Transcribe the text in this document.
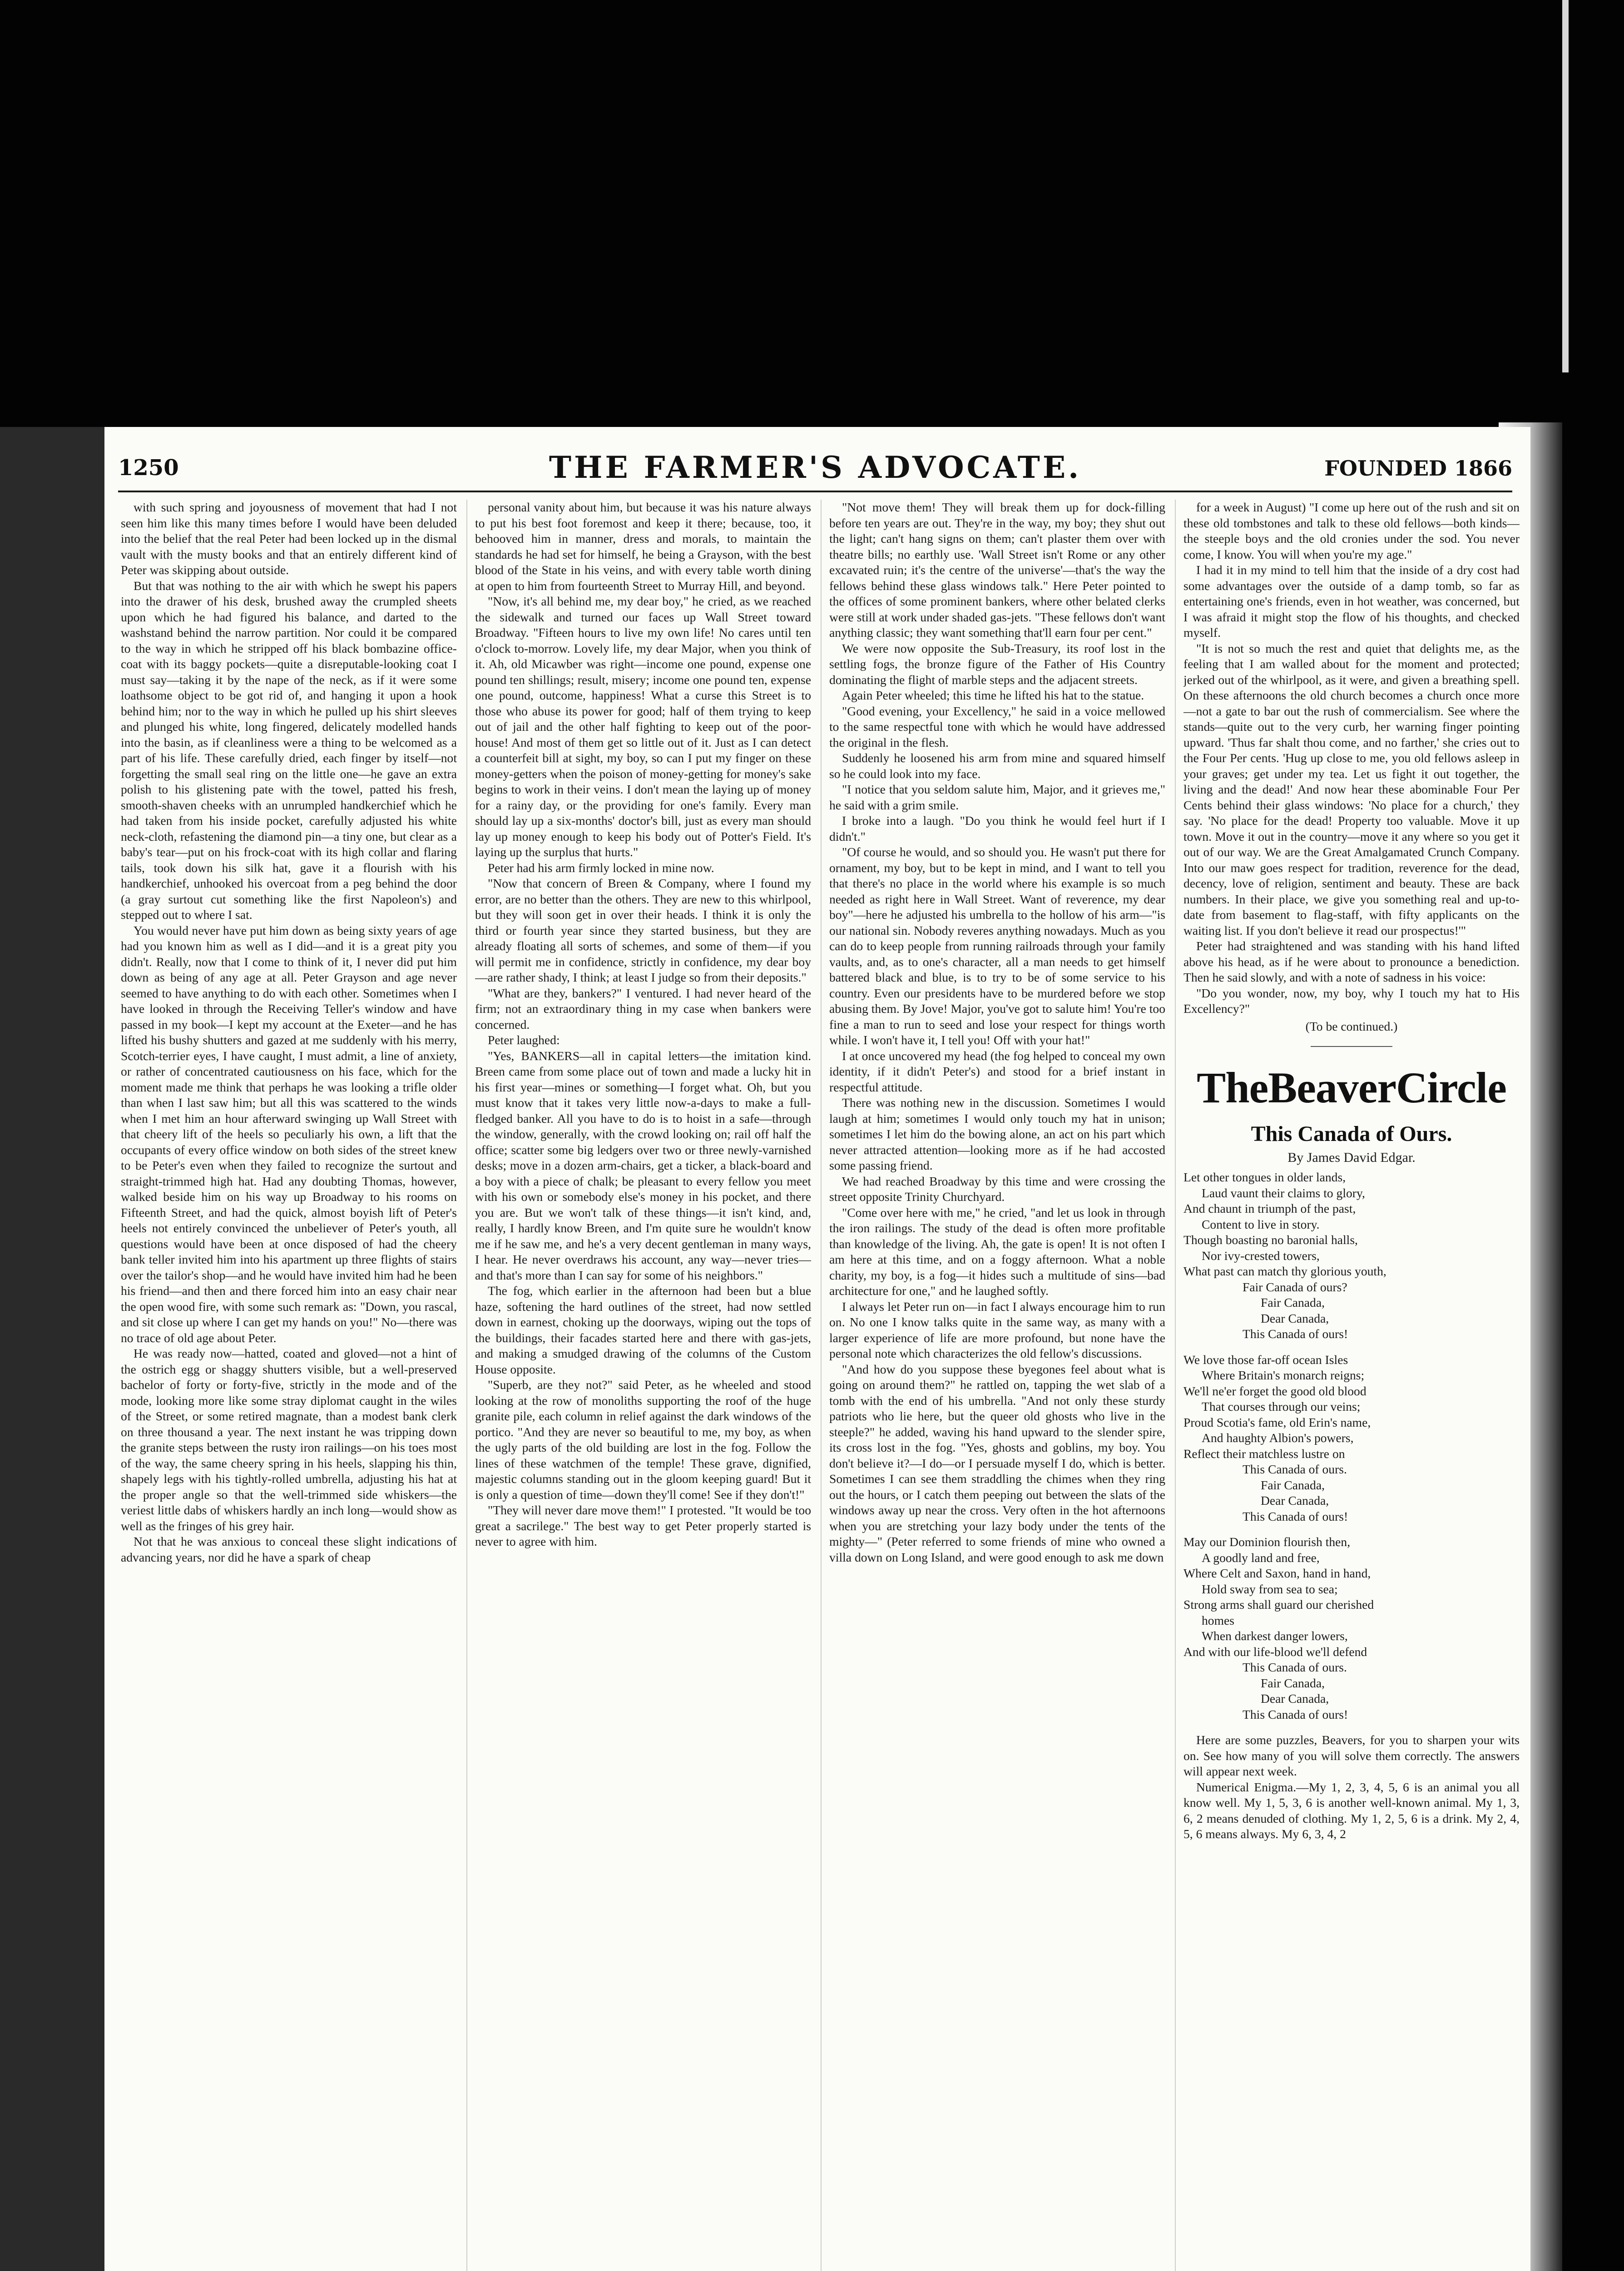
1250	THE FARMER'S ADVOCATE.	FOUNDED 1866

with such spring and joyousness of movement that had I not seen him like this many times before I would have been deluded into the belief that the real Peter had been locked up in the dismal vault with the musty books and that an entirely different kind of Peter was skipping about outside.

But that was nothing to the air with which he swept his papers into the drawer of his desk, brushed away the crumpled sheets upon which he had figured his balance, and darted to the washstand behind the narrow partition. Nor could it be compared to the way in which he stripped off his black bombazine office-coat with its baggy pockets—quite a disreputable-looking coat I must say—taking it by the nape of the neck, as if it were some loathsome object to be got rid of, and hanging it upon a hook behind him; nor to the way in which he pulled up his shirt sleeves and plunged his white, long fingered, delicately modelled hands into the basin, as if cleanliness were a thing to be welcomed as a part of his life. These carefully dried, each finger by itself—not forgetting the small seal ring on the little one—he gave an extra polish to his glistening pate with the towel, patted his fresh, smooth-shaven cheeks with an unrumpled handkerchief which he had taken from his inside pocket, carefully adjusted his white neck-cloth, refastening the diamond pin—a tiny one, but clear as a baby's tear—put on his frock-coat with its high collar and flaring tails, took down his silk hat, gave it a flourish with his handkerchief, unhooked his overcoat from a peg behind the door (a gray surtout cut something like the first Napoleon's) and stepped out to where I sat.

You would never have put him down as being sixty years of age had you known him as well as I did—and it is a great pity you didn't. Really, now that I come to think of it, I never did put him down as being of any age at all. Peter Grayson and age never seemed to have anything to do with each other. Sometimes when I have looked in through the Receiving Teller's window and have passed in my book—I kept my account at the Exeter—and he has lifted his bushy shutters and gazed at me suddenly with his merry, Scotch-terrier eyes, I have caught, I must admit, a line of anxiety, or rather of concentrated cautiousness on his face, which for the moment made me think that perhaps he was looking a trifle older than when I last saw him; but all this was scattered to the winds when I met him an hour afterward swinging up Wall Street with that cheery lift of the heels so peculiarly his own, a lift that the occupants of every office window on both sides of the street knew to be Peter's even when they failed to recognize the surtout and straight-trimmed high hat. Had any doubting Thomas, however, walked beside him on his way up Broadway to his rooms on Fifteenth Street, and had the quick, almost boyish lift of Peter's heels not entirely convinced the unbeliever of Peter's youth, all questions would have been at once disposed of had the cheery bank teller invited him into his apartment up three flights of stairs over the tailor's shop—and he would have invited him had he been his friend—and then and there forced him into an easy chair near the open wood fire, with some such remark as: "Down, you rascal, and sit close up where I can get my hands on you!" No—there was no trace of old age about Peter.

He was ready now—hatted, coated and gloved—not a hint of the ostrich egg or shaggy shutters visible, but a well-preserved bachelor of forty or forty-five, strictly in the mode and of the mode, looking more like some stray diplomat caught in the wiles of the Street, or some retired magnate, than a modest bank clerk on three thousand a year. The next instant he was tripping down the granite steps between the rusty iron railings—on his toes most of the way, the same cheery spring in his heels, slapping his thin, shapely legs with his tightly-rolled umbrella, adjusting his hat at the proper angle so that the well-trimmed side whiskers—the veriest little dabs of whiskers hardly an inch long—would show as well as the fringes of his grey hair.

Not that he was anxious to conceal these slight indications of advancing years, nor did he have a spark of cheap

personal vanity about him, but because it was his nature always to put his best foot foremost and keep it there; because, too, it behooved him in manner, dress and morals, to maintain the standards he had set for himself, he being a Grayson, with the best blood of the State in his veins, and with every table worth dining at open to him from fourteenth Street to Murray Hill, and beyond.

"Now, it's all behind me, my dear boy," he cried, as we reached the sidewalk and turned our faces up Wall Street toward Broadway. "Fifteen hours to live my own life! No cares until ten o'clock to-morrow. Lovely life, my dear Major, when you think of it. Ah, old Micawber was right—income one pound, expense one pound ten shillings; result, misery; income one pound ten, expense one pound, outcome, happiness! What a curse this Street is to those who abuse its power for good; half of them trying to keep out of jail and the other half fighting to keep out of the poor-house! And most of them get so little out of it. Just as I can detect a counterfeit bill at sight, my boy, so can I put my finger on these money-getters when the poison of money-getting for money's sake begins to work in their veins. I don't mean the laying up of money for a rainy day, or the providing for one's family. Every man should lay up a six-months' doctor's bill, just as every man should lay up money enough to keep his body out of Potter's Field. It's laying up the surplus that hurts."

Peter had his arm firmly locked in mine now.

"Now that concern of Breen & Company, where I found my error, are no better than the others. They are new to this whirlpool, but they will soon get in over their heads. I think it is only the third or fourth year since they started business, but they are already floating all sorts of schemes, and some of them—if you will permit me in confidence, strictly in confidence, my dear boy—are rather shady, I think; at least I judge so from their deposits."

"What are they, bankers?" I ventured. I had never heard of the firm; not an extraordinary thing in my case when bankers were concerned.

Peter laughed:

"Yes, BANKERS—all in capital letters—the imitation kind. Breen came from some place out of town and made a lucky hit in his first year—mines or something—I forget what. Oh, but you must know that it takes very little now-a-days to make a full-fledged banker. All you have to do is to hoist in a safe—through the window, generally, with the crowd looking on; rail off half the office; scatter some big ledgers over two or three newly-varnished desks; move in a dozen arm-chairs, get a ticker, a black-board and a boy with a piece of chalk; be pleasant to every fellow you meet with his own or somebody else's money in his pocket, and there you are. But we won't talk of these things—it isn't kind, and, really, I hardly know Breen, and I'm quite sure he wouldn't know me if he saw me, and he's a very decent gentleman in many ways, I hear. He never overdraws his account, any way—never tries—and that's more than I can say for some of his neighbors."

The fog, which earlier in the afternoon had been but a blue haze, softening the hard outlines of the street, had now settled down in earnest, choking up the doorways, wiping out the tops of the buildings, their facades started here and there with gas-jets, and making a smudged drawing of the columns of the Custom House opposite.

"Superb, are they not?" said Peter, as he wheeled and stood looking at the row of monoliths supporting the roof of the huge granite pile, each column in relief against the dark windows of the portico. "And they are never so beautiful to me, my boy, as when the ugly parts of the old building are lost in the fog. Follow the lines of these watchmen of the temple! These grave, dignified, majestic columns standing out in the gloom keeping guard! But it is only a question of time—down they'll come! See if they don't!"

"They will never dare move them!" I protested. "It would be too great a sacrilege." The best way to get Peter properly started is never to agree with him.

"Not move them! They will break them up for dock-filling before ten years are out. They're in the way, my boy; they shut out the light; can't hang signs on them; can't plaster them over with theatre bills; no earthly use. 'Wall Street isn't Rome or any other excavated ruin; it's the centre of the universe'—that's the way the fellows behind these glass windows talk." Here Peter pointed to the offices of some prominent bankers, where other belated clerks were still at work under shaded gas-jets. "These fellows don't want anything classic; they want something that'll earn four per cent."

We were now opposite the Sub-Treasury, its roof lost in the settling fogs, the bronze figure of the Father of His Country dominating the flight of marble steps and the adjacent streets.

Again Peter wheeled; this time he lifted his hat to the statue.

"Good evening, your Excellency," he said in a voice mellowed to the same respectful tone with which he would have addressed the original in the flesh.

Suddenly he loosened his arm from mine and squared himself so he could look into my face.

"I notice that you seldom salute him, Major, and it grieves me," he said with a grim smile.

I broke into a laugh. "Do you think he would feel hurt if I didn't."

"Of course he would, and so should you. He wasn't put there for ornament, my boy, but to be kept in mind, and I want to tell you that there's no place in the world where his example is so much needed as right here in Wall Street. Want of reverence, my dear boy"—here he adjusted his umbrella to the hollow of his arm—"is our national sin. Nobody reveres anything nowadays. Much as you can do to keep people from running railroads through your family vaults, and, as to one's character, all a man needs to get himself battered black and blue, is to try to be of some service to his country. Even our presidents have to be murdered before we stop abusing them. By Jove! Major, you've got to salute him! You're too fine a man to run to seed and lose your respect for things worth while. I won't have it, I tell you! Off with your hat!"

I at once uncovered my head (the fog helped to conceal my own identity, if it didn't Peter's) and stood for a brief instant in respectful attitude.

There was nothing new in the discussion. Sometimes I would laugh at him; sometimes I would only touch my hat in unison; sometimes I let him do the bowing alone, an act on his part which never attracted attention—looking more as if he had accosted some passing friend.

We had reached Broadway by this time and were crossing the street opposite Trinity Churchyard.

"Come over here with me," he cried, "and let us look in through the iron railings. The study of the dead is often more profitable than knowledge of the living. Ah, the gate is open! It is not often I am here at this time, and on a foggy afternoon. What a noble charity, my boy, is a fog—it hides such a multitude of sins—bad architecture for one," and he laughed softly.

I always let Peter run on—in fact I always encourage him to run on. No one I know talks quite in the same way, as many with a larger experience of life are more profound, but none have the personal note which characterizes the old fellow's discussions.

"And how do you suppose these byegones feel about what is going on around them?" he rattled on, tapping the wet slab of a tomb with the end of his umbrella. "And not only these sturdy patriots who lie here, but the queer old ghosts who live in the steeple?" he added, waving his hand upward to the slender spire, its cross lost in the fog. "Yes, ghosts and goblins, my boy. You don't believe it?—I do—or I persuade myself I do, which is better. Sometimes I can see them straddling the chimes when they ring out the hours, or I catch them peeping out between the slats of the windows away up near the cross. Very often in the hot afternoons when you are stretching your lazy body under the tents of the mighty—" (Peter referred to some friends of mine who owned a villa down on Long Island, and were good enough to ask me down

for a week in August) "I come up here out of the rush and sit on these old tombstones and talk to these old fellows—both kinds—the steeple boys and the old cronies under the sod. You never come, I know. You will when you're my age."

I had it in my mind to tell him that the inside of a dry cost had some advantages over the outside of a damp tomb, so far as entertaining one's friends, even in hot weather, was concerned, but I was afraid it might stop the flow of his thoughts, and checked myself.

"It is not so much the rest and quiet that delights me, as the feeling that I am walled about for the moment and protected; jerked out of the whirlpool, as it were, and given a breathing spell. On these afternoons the old church becomes a church once more—not a gate to bar out the rush of commercialism. See where the stands—quite out to the very curb, her warning finger pointing upward. 'Thus far shalt thou come, and no farther,' she cries out to the Four Per cents. 'Hug up close to me, you old fellows asleep in your graves; get under my tea. Let us fight it out together, the living and the dead!' And now hear these abominable Four Per Cents behind their glass windows: 'No place for a church,' they say. 'No place for the dead! Property too valuable. Move it up town. Move it out in the country—move it any where so you get it out of our way. We are the Great Amalgamated Crunch Company. Into our maw goes respect for tradition, reverence for the dead, decency, love of religion, sentiment and beauty. These are back numbers. In their place, we give you something real and up-to-date from basement to flag-staff, with fifty applicants on the waiting list. If you don't believe it read our prospectus!'"

Peter had straightened and was standing with his hand lifted above his head, as if he were about to pronounce a benediction. Then he said slowly, and with a note of sadness in his voice:

"Do you wonder, now, my boy, why I touch my hat to His Excellency?"

(To be continued.)
TheBeaverCircle
This Canada of Ours.
By James David Edgar.
Let other tongues in older lands,
Laud vaunt their claims to glory,
And chaunt in triumph of the past,
Content to live in story.
Though boasting no baronial halls,
Nor ivy-crested towers,
What past can match thy glorious youth,
Fair Canada of ours?
Fair Canada,
Dear Canada,
This Canada of ours!
We love those far-off ocean Isles
Where Britain's monarch reigns;
We'll ne'er forget the good old blood
That courses through our veins;
Proud Scotia's fame, old Erin's name,
And haughty Albion's powers,
Reflect their matchless lustre on
This Canada of ours.
Fair Canada,
Dear Canada,
This Canada of ours!
May our Dominion flourish then,
A goodly land and free,
Where Celt and Saxon, hand in hand,
Hold sway from sea to sea;
Strong arms shall guard our cherished
homes
When darkest danger lowers,
And with our life-blood we'll defend
This Canada of ours.
Fair Canada,
Dear Canada,
This Canada of ours!

Here are some puzzles, Beavers, for you to sharpen your wits on. See how many of you will solve them correctly. The answers will appear next week.

Numerical Enigma.—My 1, 2, 3, 4, 5, 6 is an animal you all know well. My 1, 5, 3, 6 is another well-known animal. My 1, 3, 6, 2 means denuded of clothing. My 1, 2, 5, 6 is a drink. My 2, 4, 5, 6 means always. My 6, 3, 4, 2
